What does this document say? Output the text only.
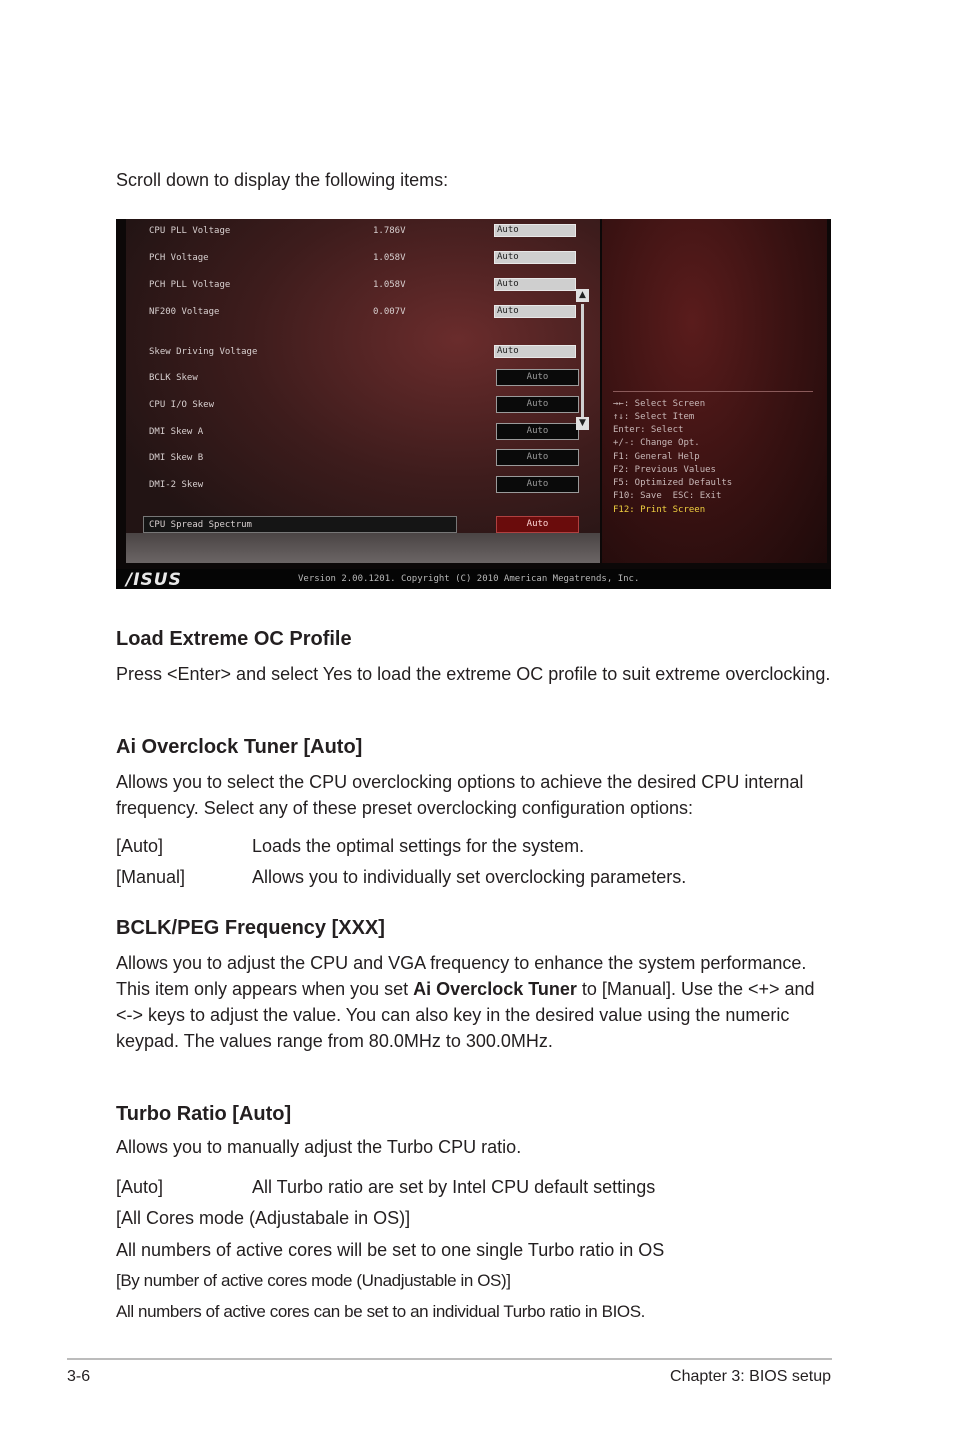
Scroll down to display the following items:
CPU PLL Voltage	1.786V	Auto
PCH Voltage	1.058V	Auto
PCH PLL Voltage	1.058V	Auto
NF200 Voltage	0.007V	Auto
Skew Driving Voltage	Auto
BCLK Skew	Auto
CPU I/O Skew	Auto
DMI Skew A	Auto
DMI Skew B	Auto
DMI-2 Skew	Auto
CPU Spread Spectrum	Auto
▲
▼
→←: Select Screen
↑↓: Select Item
Enter: Select
+/-: Change Opt.
F1: General Help
F2: Previous Values
F5: Optimized Defaults
F10: Save  ESC: Exit
F12: Print Screen
/ISUS	Version 2.00.1201. Copyright (C) 2010 American Megatrends, Inc.
Load Extreme OC Profile

Press <Enter> and select Yes to load the extreme OC profile to suit extreme overclocking.

Ai Overclock Tuner [Auto]

Allows you to select the CPU overclocking options to achieve the desired CPU internal frequency. Select any of these preset overclocking configuration options:

[Auto]	Loads the optimal settings for the system.
[Manual]	Allows you to individually set overclocking parameters.
BCLK/PEG Frequency [XXX]

Allows you to adjust the CPU and VGA frequency to enhance the system performance. This item only appears when you set Ai Overclock Tuner to [Manual]. Use the <+> and <-> keys to adjust the value. You can also key in the desired value using the numeric keypad. The values range from 80.0MHz to 300.0MHz.

Turbo Ratio [Auto]
Allows you to manually adjust the Turbo CPU ratio.
[Auto]	All Turbo ratio are set by Intel CPU default settings
[All Cores mode (Adjustabale in OS)]
All numbers of active cores will be set to one single Turbo ratio in OS
[By number of active cores mode (Unadjustable in OS)]
All numbers of active cores can be set to an individual Turbo ratio in BIOS.
3-6	Chapter 3: BIOS setup
